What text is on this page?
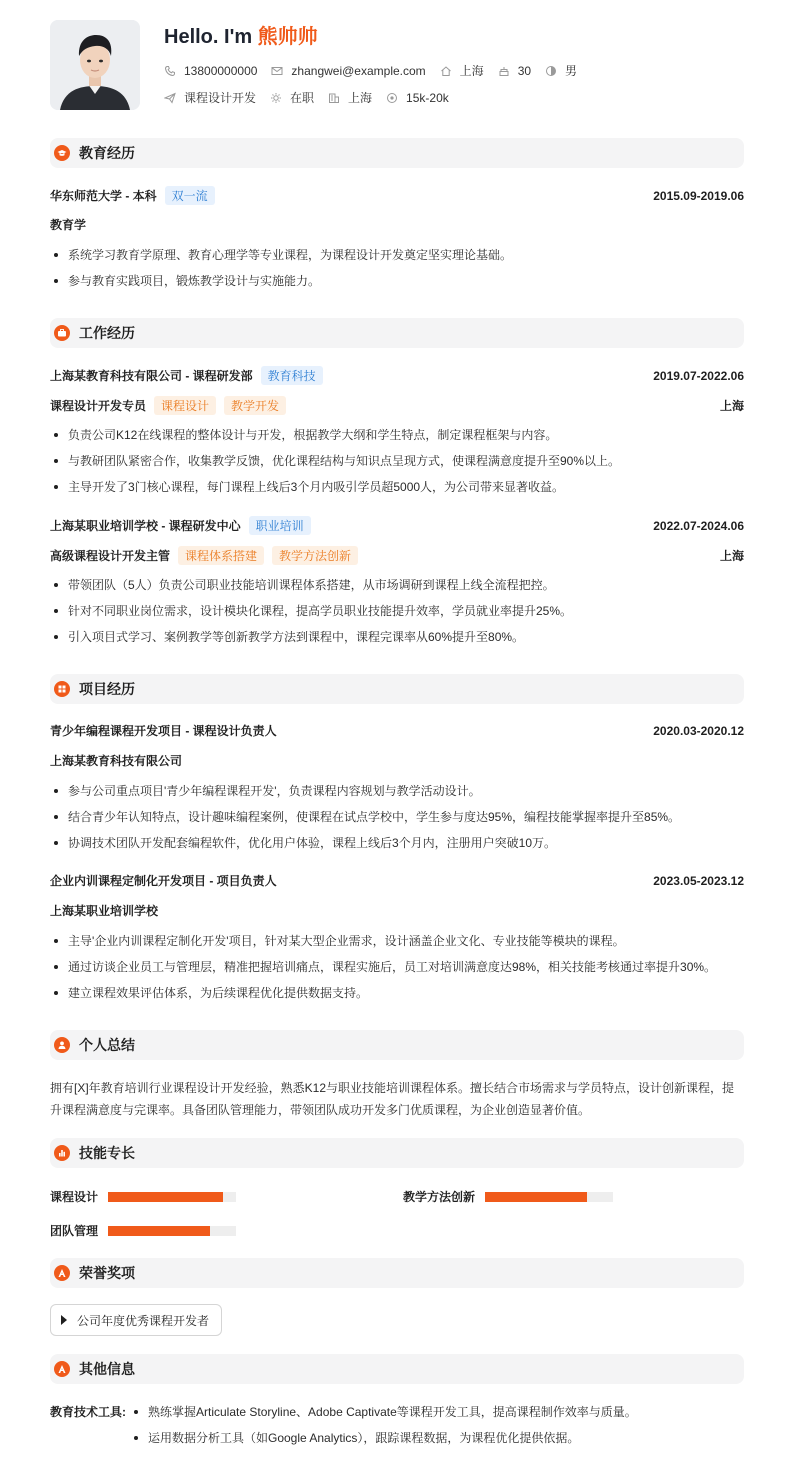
Hello. I'm 熊帅帅
13800000000	zhangwei@example.com	上海	30	男
课程设计开发	在职	上海	15k-20k
教育经历
华东师范大学 - 本科	双一流	2015.09-2019.06
教育学
系统学习教育学原理、教育心理学等专业课程，为课程设计开发奠定坚实理论基础。
参与教育实践项目，锻炼教学设计与实施能力。
工作经历
上海某教育科技有限公司 - 课程研发部	教育科技	2019.07-2022.06
课程设计开发专员	课程设计	教学开发	上海
负责公司K12在线课程的整体设计与开发，根据教学大纲和学生特点，制定课程框架与内容。
与教研团队紧密合作，收集教学反馈，优化课程结构与知识点呈现方式，使课程满意度提升至90%以上。
主导开发了3门核心课程，每门课程上线后3个月内吸引学员超5000人，为公司带来显著收益。
上海某职业培训学校 - 课程研发中心	职业培训	2022.07-2024.06
高级课程设计开发主管	课程体系搭建	教学方法创新	上海
带领团队（5人）负责公司职业技能培训课程体系搭建，从市场调研到课程上线全流程把控。
针对不同职业岗位需求，设计模块化课程，提高学员职业技能提升效率，学员就业率提升25%。
引入项目式学习、案例教学等创新教学方法到课程中，课程完课率从60%提升至80%。
项目经历
青少年编程课程开发项目 - 课程设计负责人	2020.03-2020.12
上海某教育科技有限公司
参与公司重点项目'青少年编程课程开发'，负责课程内容规划与教学活动设计。
结合青少年认知特点，设计趣味编程案例，使课程在试点学校中，学生参与度达95%，编程技能掌握率提升至85%。
协调技术团队开发配套编程软件，优化用户体验，课程上线后3个月内，注册用户突破10万。
企业内训课程定制化开发项目 - 项目负责人	2023.05-2023.12
上海某职业培训学校
主导'企业内训课程定制化开发'项目，针对某大型企业需求，设计涵盖企业文化、专业技能等模块的课程。
通过访谈企业员工与管理层，精准把握培训痛点，课程实施后，员工对培训满意度达98%，相关技能考核通过率提升30%。
建立课程效果评估体系，为后续课程优化提供数据支持。
个人总结
拥有[X]年教育培训行业课程设计开发经验，熟悉K12与职业技能培训课程体系。擅长结合市场需求与学员特点，设计创新课程，提升课程满意度与完课率。具备团队管理能力，带领团队成功开发多门优质课程，为企业创造显著价值。
技能专长
课程设计	教学方法创新
团队管理
荣誉奖项
公司年度优秀课程开发者
其他信息
教育技术工具: 熟练掌握Articulate Storyline、Adobe Captivate等课程开发工具，提高课程制作效率与质量。
运用数据分析工具（如Google Analytics），跟踪课程数据，为课程优化提供依据。
